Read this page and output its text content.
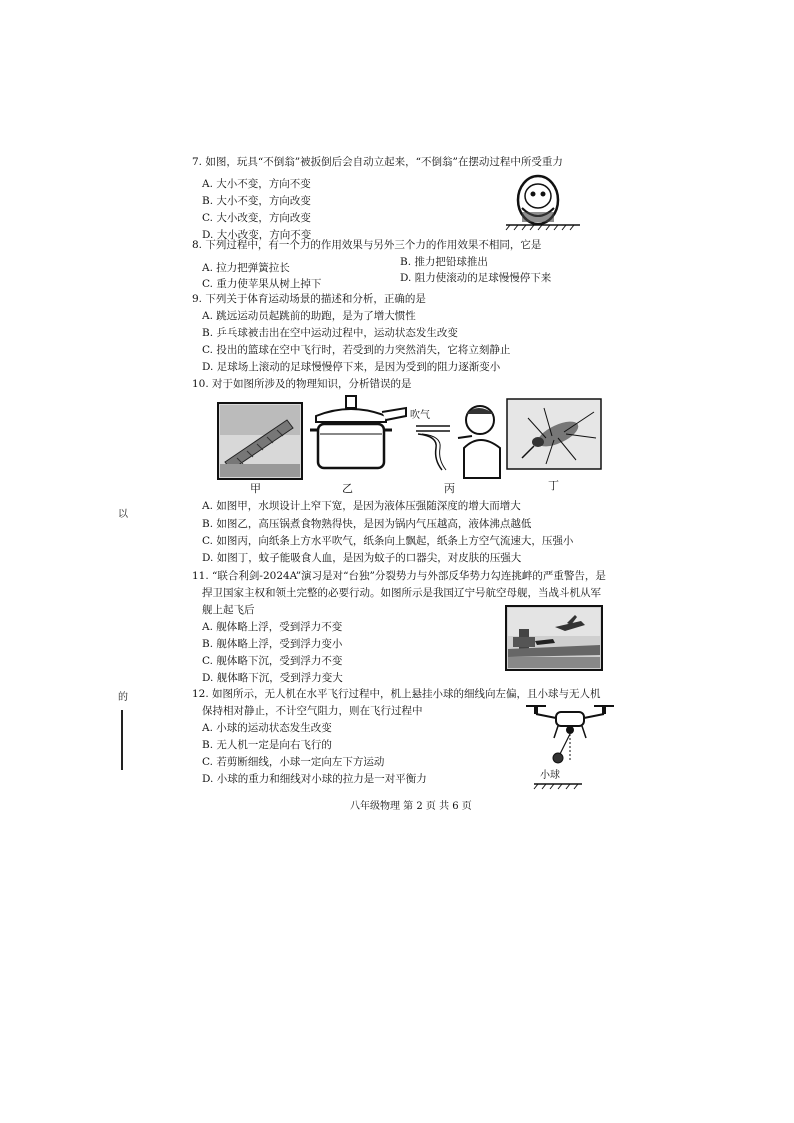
以
的
7. 如图，玩具“不倒翁”被扳倒后会自动立起来，“不倒翁”在摆动过程中所受重力
A. 大小不变，方向不变
B. 大小不变，方向改变
C. 大小改变，方向改变
D. 大小改变，方向不变
8. 下列过程中，有一个力的作用效果与另外三个力的作用效果不相同，它是
A. 拉力把弹簧拉长	B. 推力把铅球推出
C. 重力使苹果从树上掉下	D. 阻力使滚动的足球慢慢停下来
9. 下列关于体育运动场景的描述和分析，正确的是
A. 跳远运动员起跳前的助跑，是为了增大惯性
B. 乒乓球被击出在空中运动过程中，运动状态发生改变
C. 投出的篮球在空中飞行时，若受到的力突然消失，它将立刻静止
D. 足球场上滚动的足球慢慢停下来，是因为受到的阻力逐渐变小
10. 对于如图所涉及的物理知识，分析错误的是
吹气
甲	乙	丙	丁
A. 如图甲，水坝设计上窄下宽，是因为液体压强随深度的增大而增大
B. 如图乙，高压锅煮食物熟得快，是因为锅内气压越高，液体沸点越低
C. 如图丙，向纸条上方水平吹气，纸条向上飘起，纸条上方空气流速大，压强小
D. 如图丁，蚊子能吸食人血，是因为蚊子的口器尖，对皮肤的压强大
11. “联合利剑-2024A”演习是对“台独”分裂势力与外部反华势力勾连挑衅的严重警告，是
捍卫国家主权和领土完整的必要行动。如图所示是我国辽宁号航空母舰，当战斗机从军
舰上起飞后
A. 舰体略上浮，受到浮力不变
B. 舰体略上浮，受到浮力变小
C. 舰体略下沉，受到浮力不变
D. 舰体略下沉，受到浮力变大
12. 如图所示，无人机在水平飞行过程中，机上悬挂小球的细线向左偏，且小球与无人机
保持相对静止，不计空气阻力，则在飞行过程中
A. 小球的运动状态发生改变
B. 无人机一定是向右飞行的
C. 若剪断细线，小球一定向左下方运动
D. 小球的重力和细线对小球的拉力是一对平衡力	小球
八年级物理 第 2 页 共 6 页
